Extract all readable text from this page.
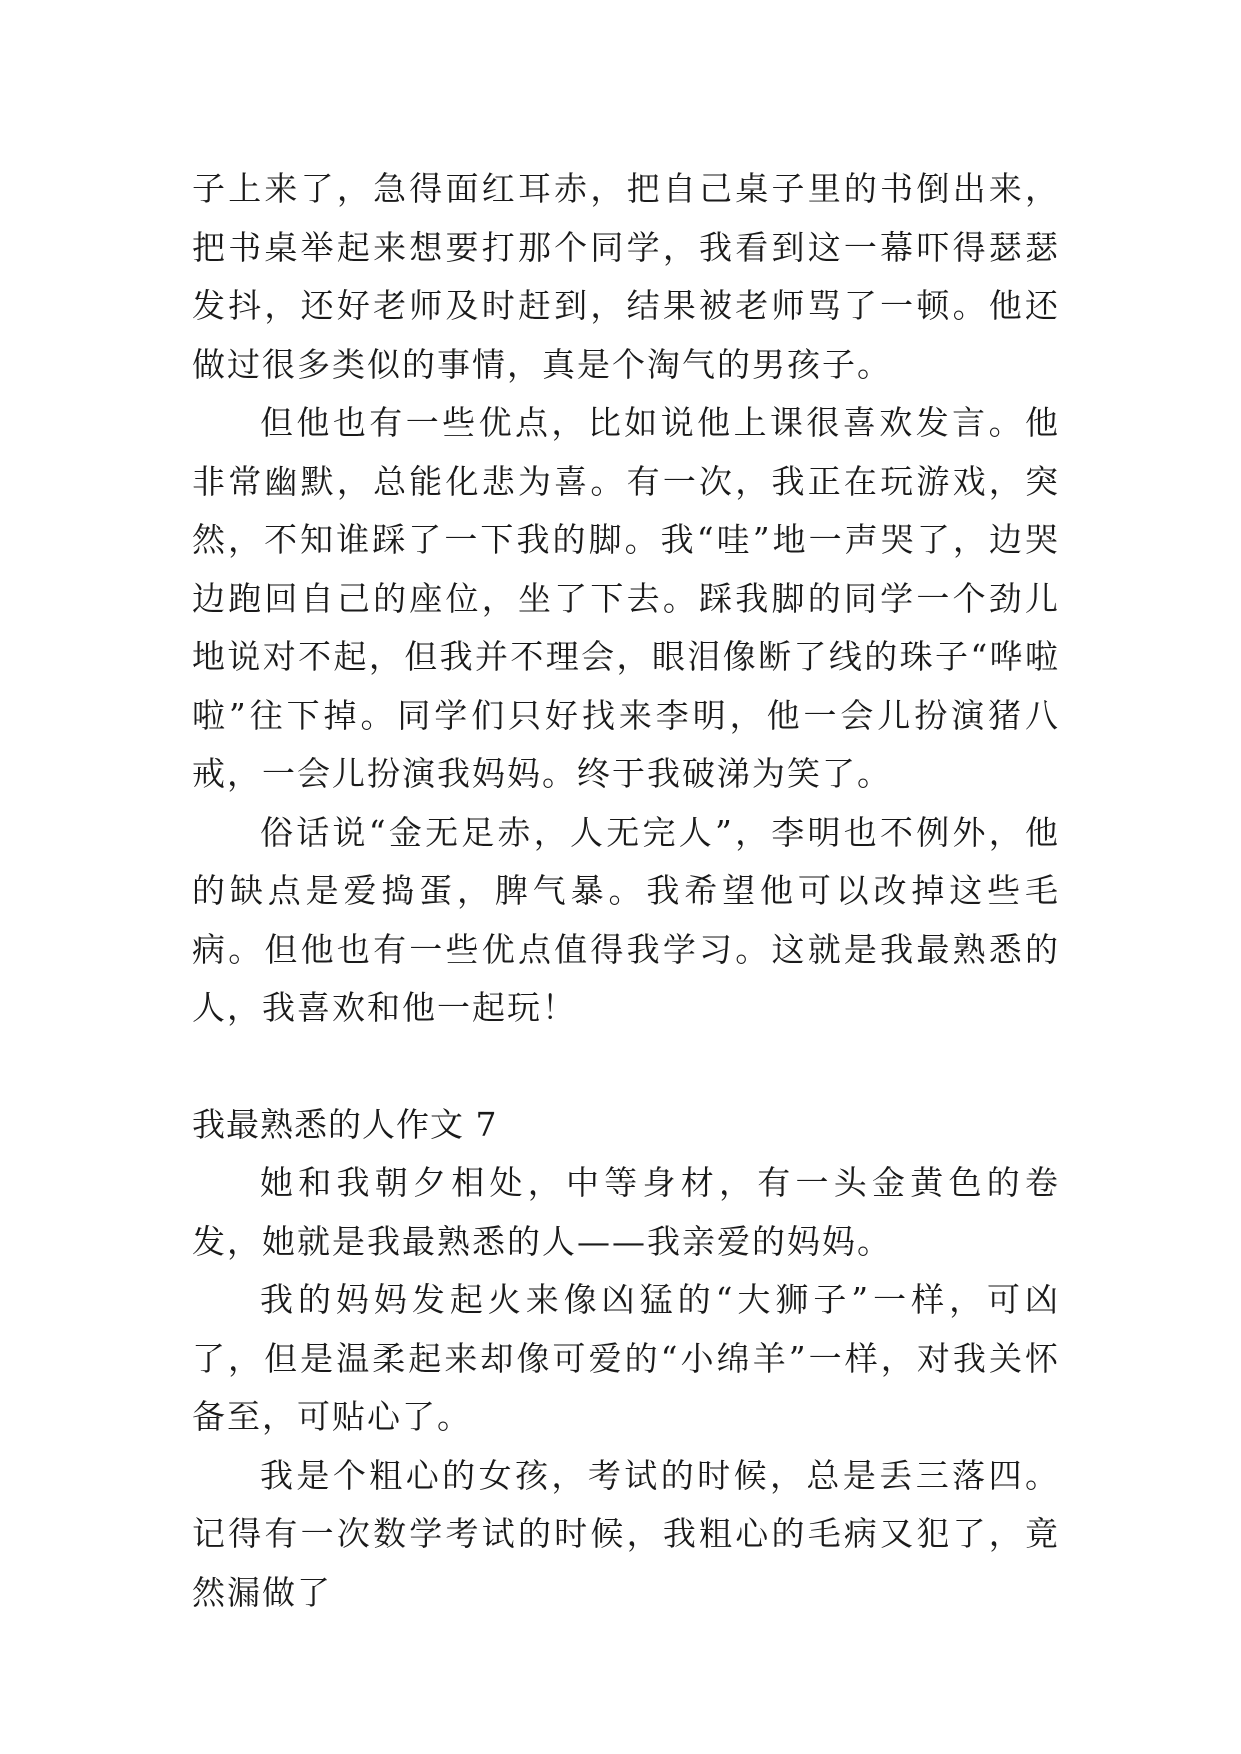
子上来了，急得面红耳赤，把自己桌子里的书倒出来，把书桌举起来想要打那个同学，我看到这一幕吓得瑟瑟发抖，还好老师及时赶到，结果被老师骂了一顿。他还做过很多类似的事情，真是个淘气的男孩子。

但他也有一些优点，比如说他上课很喜欢发言。他非常幽默，总能化悲为喜。有一次，我正在玩游戏，突然，不知谁踩了一下我的脚。我“哇”地一声哭了，边哭边跑回自己的座位，坐了下去。踩我脚的同学一个劲儿地说对不起，但我并不理会，眼泪像断了线的珠子“哗啦啦”往下掉。同学们只好找来李明，他一会儿扮演猪八戒，一会儿扮演我妈妈。终于我破涕为笑了。

俗话说“金无足赤，人无完人”，李明也不例外，他的缺点是爱捣蛋，脾气暴。我希望他可以改掉这些毛病。但他也有一些优点值得我学习。这就是我最熟悉的人，我喜欢和他一起玩！

我最熟悉的人作文 7

她和我朝夕相处，中等身材，有一头金黄色的卷发，她就是我最熟悉的人——我亲爱的妈妈。

我的妈妈发起火来像凶猛的“大狮子”一样，可凶了，但是温柔起来却像可爱的“小绵羊”一样，对我关怀备至，可贴心了。

我是个粗心的女孩，考试的时候，总是丢三落四。记得有一次数学考试的时候，我粗心的毛病又犯了，竟然漏做了
